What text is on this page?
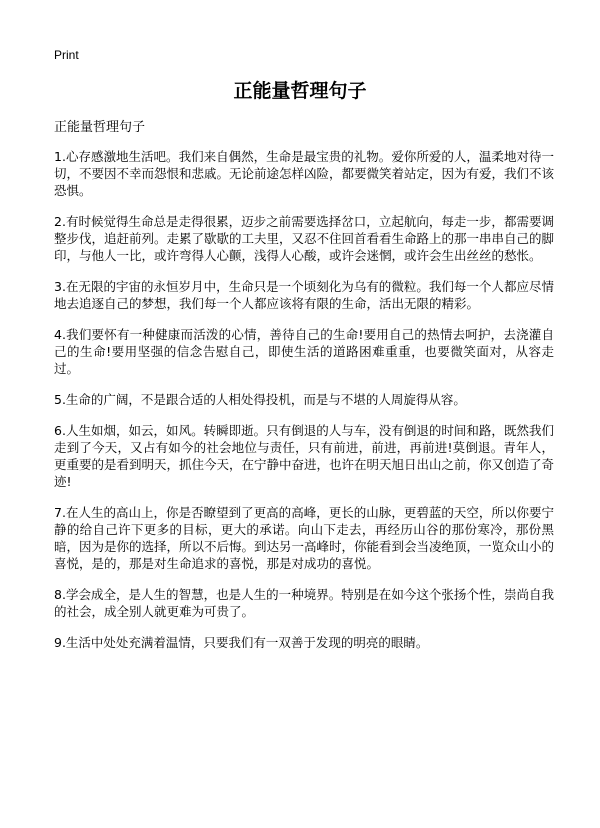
Print
正能量哲理句子

正能量哲理句子

1.心存感激地生活吧。我们来自偶然，生命是最宝贵的礼物。爱你所爱的人，温柔地对待一切，不要因不幸而怨恨和悲戚。无论前途怎样凶险，都要微笑着站定，因为有爱，我们不该恐惧。

2.有时候觉得生命总是走得很累，迈步之前需要选择岔口，立起航向，每走一步，都需要调整步伐，追赶前列。走累了歇歇的工夫里，又忍不住回首看看生命路上的那一串串自己的脚印，与他人一比，或许弯得人心颤，浅得人心酸，或许会迷惘，或许会生出丝丝的愁怅。

3.在无限的宇宙的永恒岁月中，生命只是一个顷刻化为乌有的微粒。我们每一个人都应尽情地去追逐自己的梦想，我们每一个人都应该将有限的生命，活出无限的精彩。

4.我们要怀有一种健康而活泼的心情，善待自己的生命!要用自己的热情去呵护，去浇灌自己的生命!要用坚强的信念告慰自己，即使生活的道路困难重重，也要微笑面对，从容走过。

5.生命的广阔，不是跟合适的人相处得投机，而是与不堪的人周旋得从容。

6.人生如烟，如云，如风。转瞬即逝。只有倒退的人与车，没有倒退的时间和路，既然我们走到了今天，又占有如今的社会地位与责任，只有前进，前进，再前进!莫倒退。青年人，更重要的是看到明天，抓住今天，在宁静中奋进，也许在明天旭日出山之前，你又创造了奇迹!

7.在人生的高山上，你是否瞭望到了更高的高峰，更长的山脉，更碧蓝的天空，所以你要宁静的给自己许下更多的目标，更大的承诺。向山下走去，再经历山谷的那份寒冷，那份黑暗，因为是你的选择，所以不后悔。到达另一高峰时，你能看到会当凌绝顶，一览众山小的喜悦，是的，那是对生命追求的喜悦，那是对成功的喜悦。

8.学会成全，是人生的智慧，也是人生的一种境界。特别是在如今这个张扬个性，崇尚自我的社会，成全别人就更难为可贵了。

9.生活中处处充满着温情，只要我们有一双善于发现的明亮的眼睛。
